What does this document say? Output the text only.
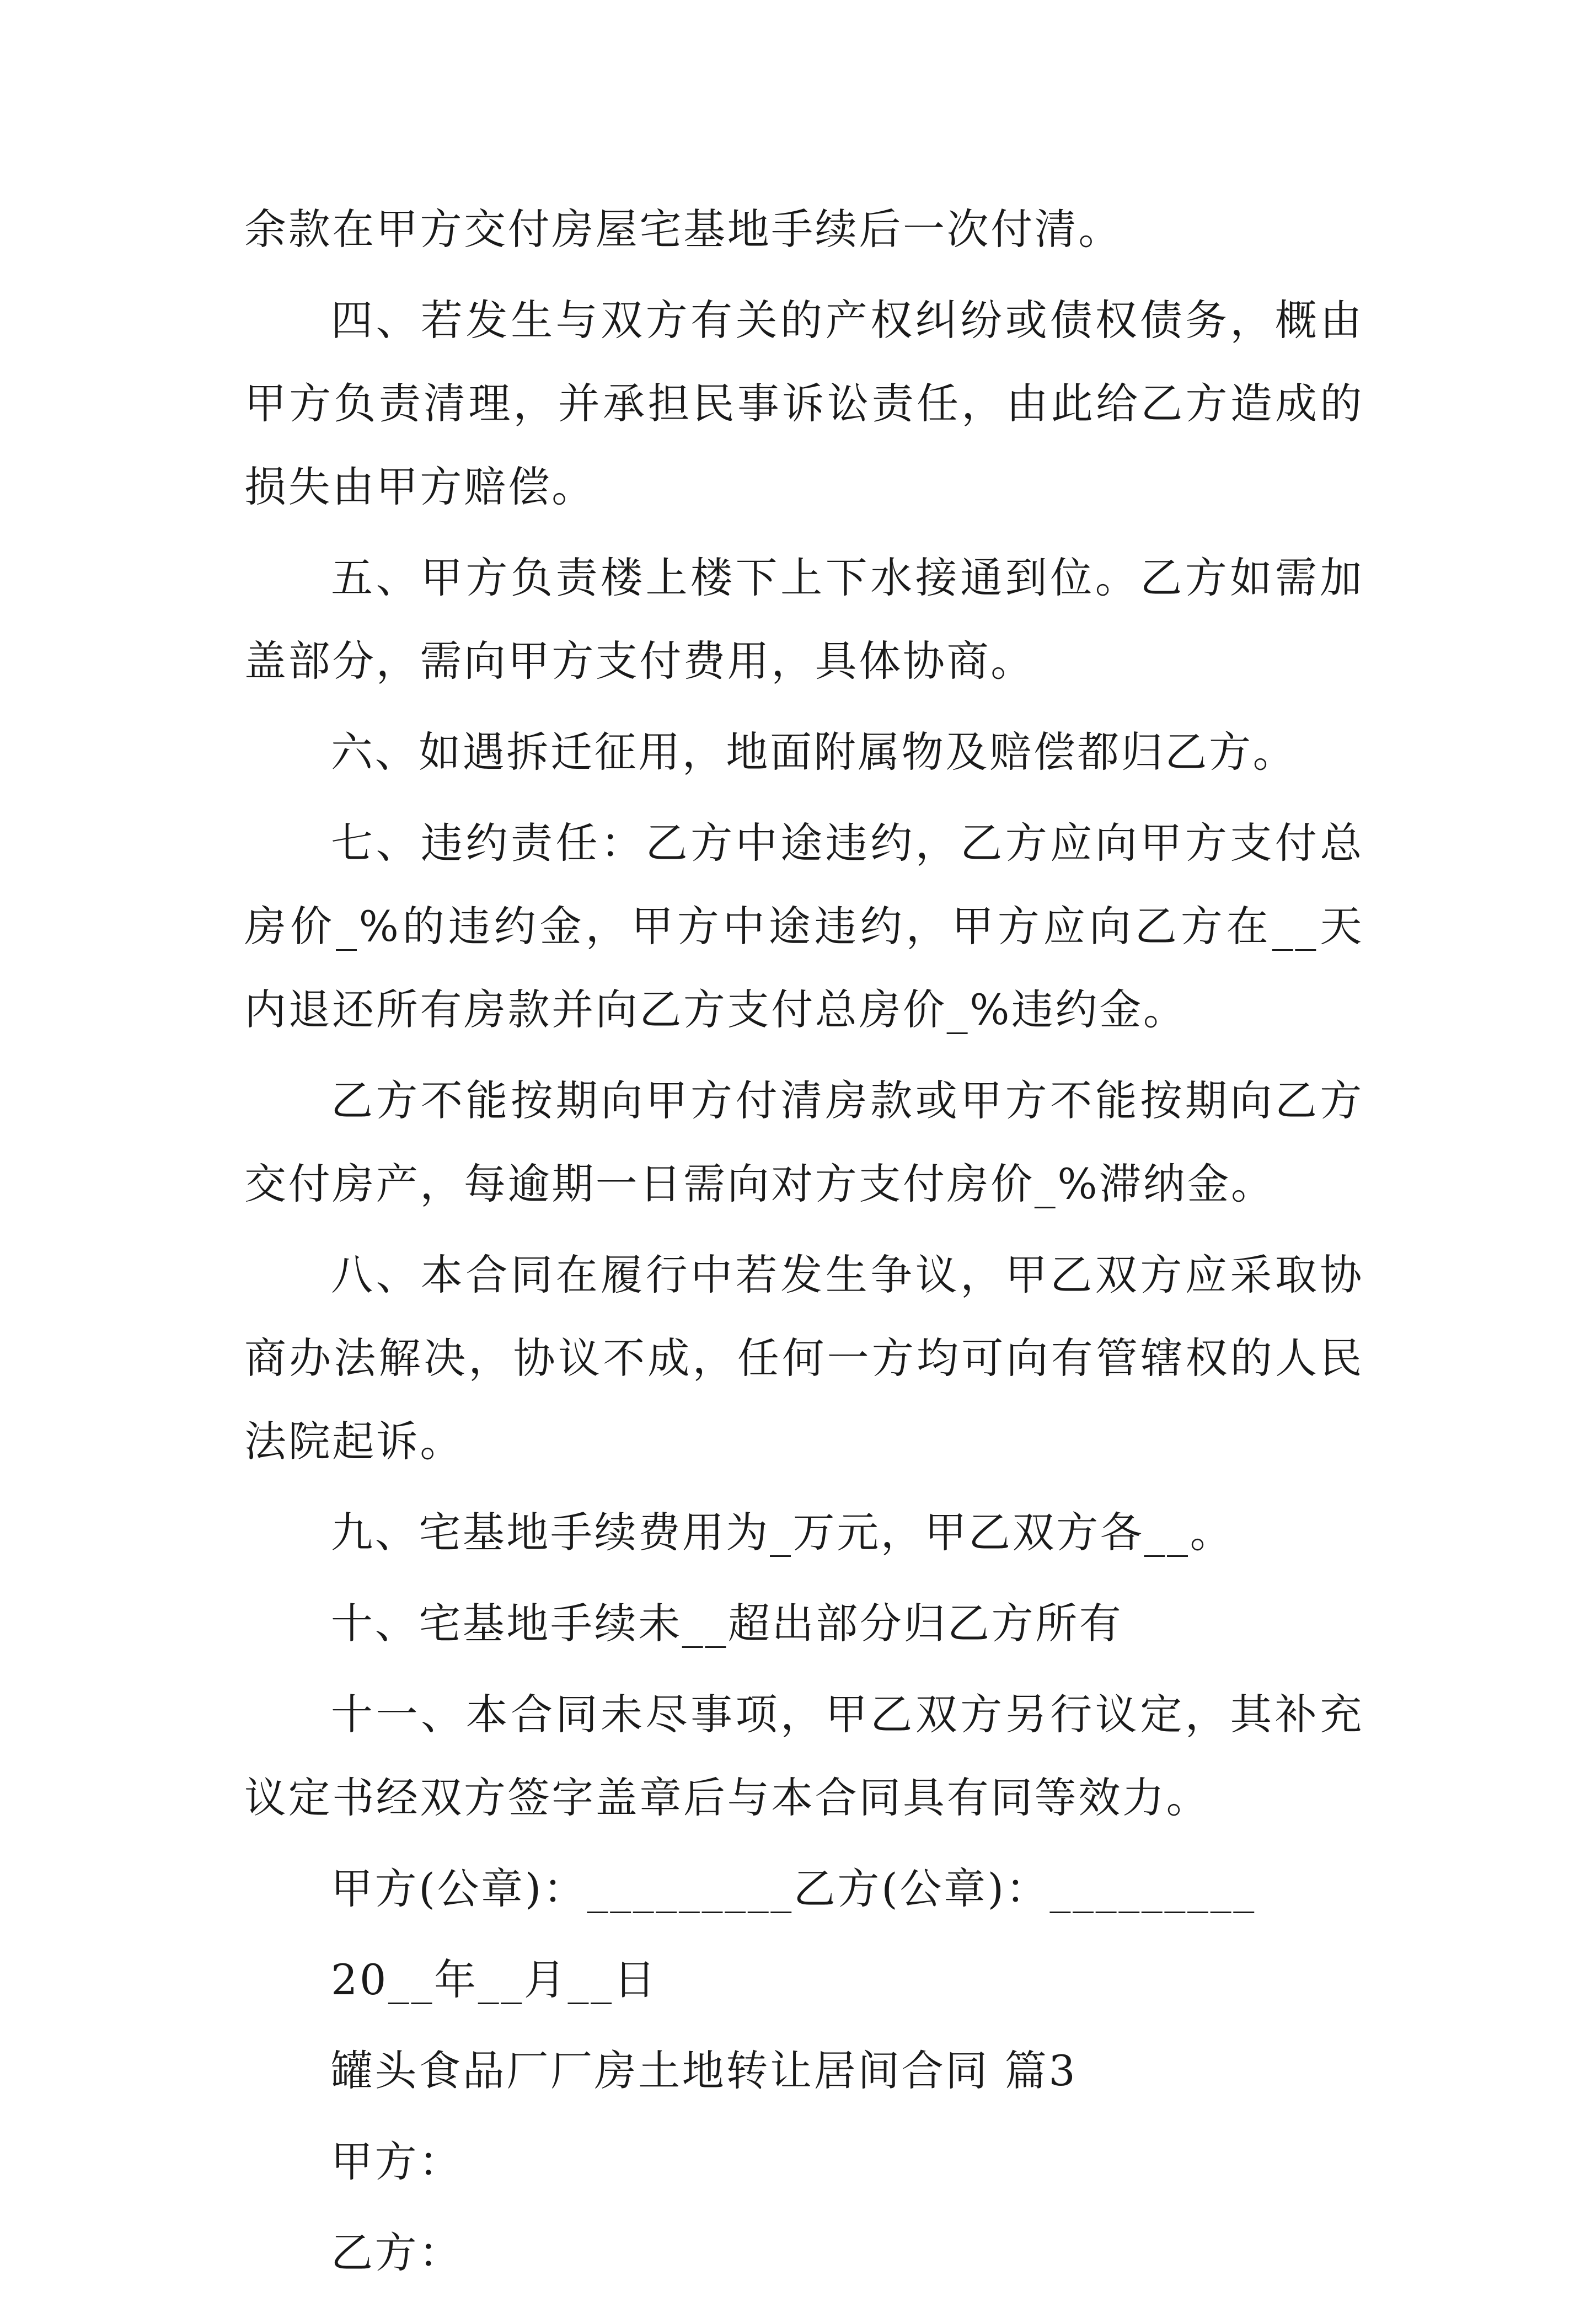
余款在甲方交付房屋宅基地手续后一次付清。

四、若发生与双方有关的产权纠纷或债权债务，概由甲方负责清理，并承担民事诉讼责任，由此给乙方造成的损失由甲方赔偿。

五、甲方负责楼上楼下上下水接通到位。乙方如需加盖部分，需向甲方支付费用，具体协商。

六、如遇拆迁征用，地面附属物及赔偿都归乙方。

七、违约责任：乙方中途违约，乙方应向甲方支付总房价_%的违约金，甲方中途违约，甲方应向乙方在__天内退还所有房款并向乙方支付总房价_%违约金。

乙方不能按期向甲方付清房款或甲方不能按期向乙方交付房产，每逾期一日需向对方支付房价_%滞纳金。

八、本合同在履行中若发生争议，甲乙双方应采取协商办法解决，协议不成，任何一方均可向有管辖权的人民法院起诉。

九、宅基地手续费用为_万元，甲乙双方各__。

十、宅基地手续未__超出部分归乙方所有

十一、本合同未尽事项，甲乙双方另行议定，其补充议定书经双方签字盖章后与本合同具有同等效力。

甲方(公章)：_________乙方(公章)：_________
20__年__月__日
罐头食品厂厂房土地转让居间合同 篇3
甲方：
乙方：
